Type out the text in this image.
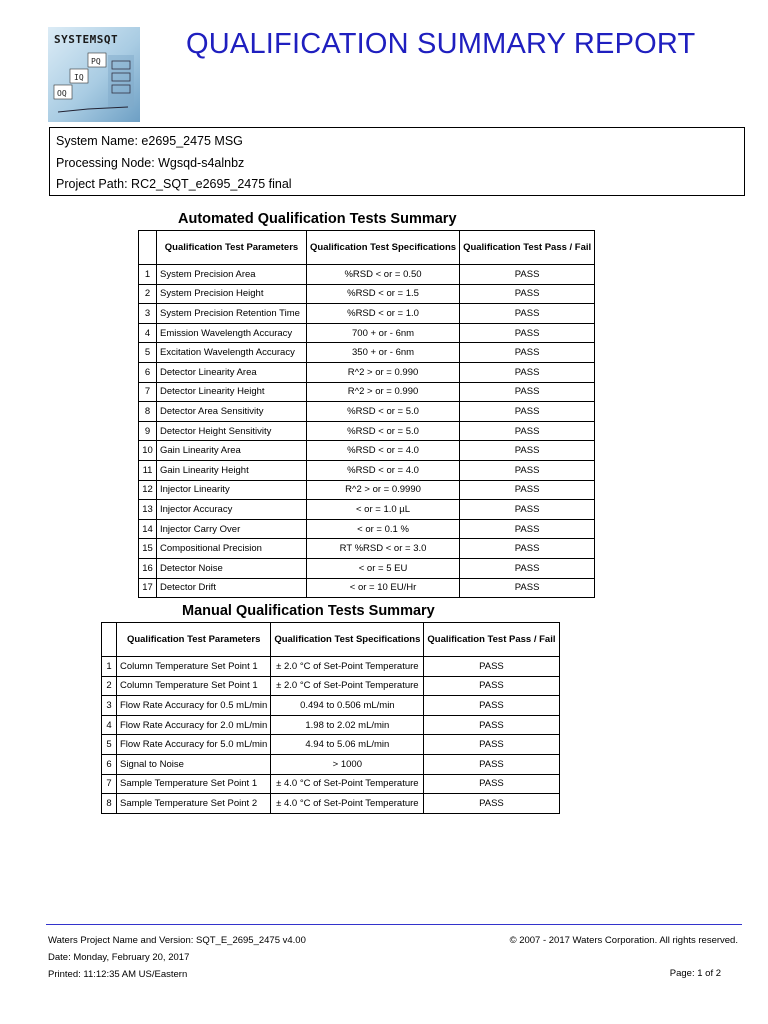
PQ
IQ
OQ
SYSTEMSQT QUALIFICATION SUMMARY REPORT
System Name: e2695_2475 MSG
Processing Node: Wgsqd-s4alnbz
Project Path: RC2_SQT_e2695_2475 final
Automated Qualification Tests Summary
	Qualification Test Parameters	Qualification Test Specifications	Qualification Test Pass / Fail
1	System Precision Area	%RSD < or = 0.50	PASS
2	System Precision Height	%RSD < or = 1.5	PASS
3	System Precision Retention Time	%RSD < or = 1.0	PASS
4	Emission Wavelength Accuracy	700 + or - 6nm	PASS
5	Excitation Wavelength Accuracy	350 + or - 6nm	PASS
6	Detector Linearity Area	R^2 > or = 0.990	PASS
7	Detector Linearity Height	R^2 > or = 0.990	PASS
8	Detector Area Sensitivity	%RSD < or = 5.0	PASS
9	Detector Height Sensitivity	%RSD < or = 5.0	PASS
10	Gain Linearity Area	%RSD < or = 4.0	PASS
11	Gain Linearity Height	%RSD < or = 4.0	PASS
12	Injector Linearity	R^2 > or = 0.9990	PASS
13	Injector Accuracy	< or = 1.0 µL	PASS
14	Injector Carry Over	< or = 0.1 %	PASS
15	Compositional Precision	RT %RSD < or = 3.0	PASS
16	Detector Noise	< or = 5 EU	PASS
17	Detector Drift	< or = 10 EU/Hr	PASS
Manual Qualification Tests Summary
	Qualification Test Parameters	Qualification Test Specifications	Qualification Test Pass / Fail
1	Column Temperature Set Point 1	± 2.0 °C of Set-Point Temperature	PASS
2	Column Temperature Set Point 1	± 2.0 °C of Set-Point Temperature	PASS
3	Flow Rate Accuracy for 0.5 mL/min	0.494 to 0.506 mL/min	PASS
4	Flow Rate Accuracy for 2.0 mL/min	1.98 to 2.02 mL/min	PASS
5	Flow Rate Accuracy for 5.0 mL/min	4.94 to 5.06 mL/min	PASS
6	Signal to Noise	> 1000	PASS
7	Sample Temperature Set Point 1	± 4.0 °C of Set-Point Temperature	PASS
8	Sample Temperature Set Point 2	± 4.0 °C of Set-Point Temperature	PASS
Waters Project Name and Version: SQT_E_2695_2475 v4.00
Date: Monday, February 20, 2017
Printed: 11:12:35 AM US/Eastern
© 2007 - 2017 Waters Corporation. All rights reserved.
Page: 1 of 2
